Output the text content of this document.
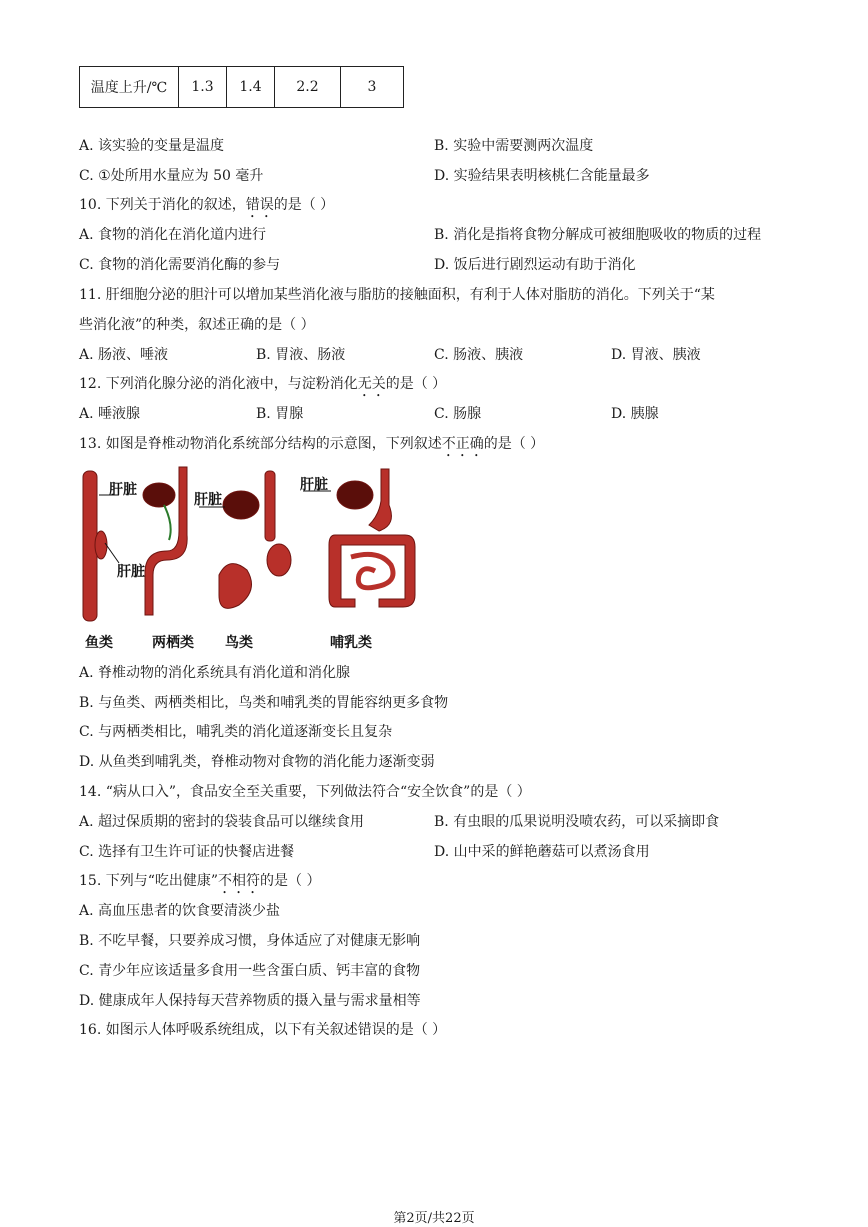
温度上升/℃	1.3	1.4	2.2	3
A. 该实验的变量是温度	B. 实验中需要测两次温度
C. ①处所用水量应为 50 毫升	D. 实验结果表明核桃仁含能量最多
10. 下列关于消化的叙述，错误的是（ ）
A. 食物的消化在消化道内进行	B. 消化是指将食物分解成可被细胞吸收的物质的过程
C. 食物的消化需要消化酶的参与	D. 饭后进行剧烈运动有助于消化
11. 肝细胞分泌的胆汁可以增加某些消化液与脂肪的接触面积，有利于人体对脂肪的消化。下列关于“某
些消化液”的种类，叙述正确的是（ ）
A. 肠液、唾液	B. 胃液、肠液	C. 肠液、胰液	D. 胃液、胰液
12. 下列消化腺分泌的消化液中，与淀粉消化无关的是（ ）
A. 唾液腺	B. 胃腺	C. 肠腺	D. 胰腺
13. 如图是脊椎动物消化系统部分结构的示意图，下列叙述不正确的是（ ）
肝脏
肝脏
肝脏
肝脏
鱼类	两栖类 鸟类	哺乳类
A. 脊椎动物的消化系统具有消化道和消化腺
B. 与鱼类、两栖类相比，鸟类和哺乳类的胃能容纳更多食物
C. 与两栖类相比，哺乳类的消化道逐渐变长且复杂
D. 从鱼类到哺乳类，脊椎动物对食物的消化能力逐渐变弱
14. “病从口入”，食品安全至关重要，下列做法符合“安全饮食”的是（ ）
A. 超过保质期的密封的袋装食品可以继续食用	B. 有虫眼的瓜果说明没喷农药，可以采摘即食
C. 选择有卫生许可证的快餐店进餐	D. 山中采的鲜艳蘑菇可以煮汤食用
15. 下列与“吃出健康”不相符的是（ ）
A. 高血压患者的饮食要清淡少盐
B. 不吃早餐，只要养成习惯，身体适应了对健康无影响
C. 青少年应该适量多食用一些含蛋白质、钙丰富的食物
D. 健康成年人保持每天营养物质的摄入量与需求量相等
16. 如图示人体呼吸系统组成，以下有关叙述错误的是（ ）
第2页/共22页
